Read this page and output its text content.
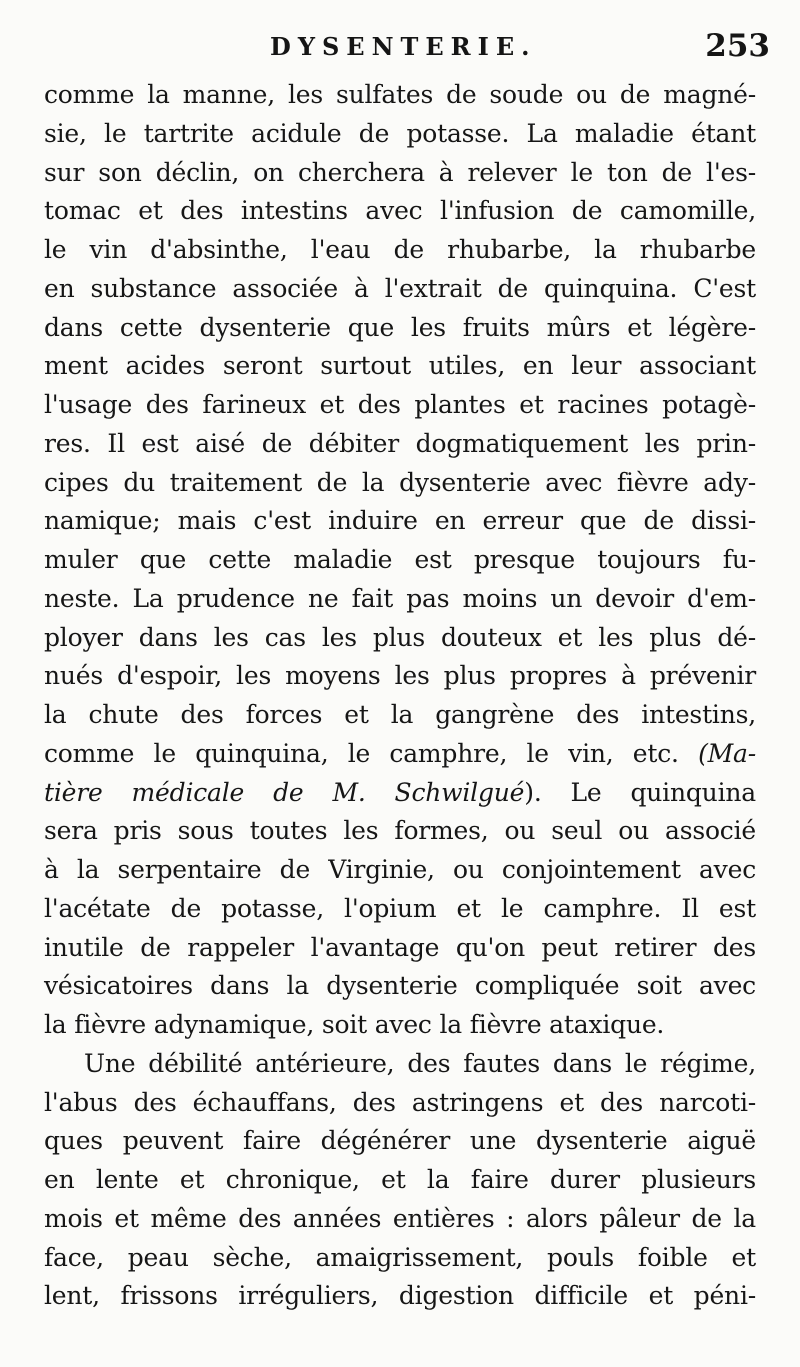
DYSENTERIE.	253
comme la manne, les sulfates de soude ou de magné-
sie, le tartrite acidule de potasse. La maladie étant
sur son déclin, on cherchera à relever le ton de l'es-
tomac et des intestins avec l'infusion de camomille,
le vin d'absinthe, l'eau de rhubarbe, la rhubarbe
en substance associée à l'extrait de quinquina. C'est
dans cette dysenterie que les fruits mûrs et légère-
ment acides seront surtout utiles, en leur associant
l'usage des farineux et des plantes et racines potagè-
res. Il est aisé de débiter dogmatiquement les prin-
cipes du traitement de la dysenterie avec fièvre ady-
namique; mais c'est induire en erreur que de dissi-
muler que cette maladie est presque toujours fu-
neste. La prudence ne fait pas moins un devoir d'em-
ployer dans les cas les plus douteux et les plus dé-
nués d'espoir, les moyens les plus propres à prévenir
la chute des forces et la gangrène des intestins,
comme le quinquina, le camphre, le vin, etc. (Ma-
tière médicale de M. Schwilgué). Le quinquina
sera pris sous toutes les formes, ou seul ou associé
à la serpentaire de Virginie, ou conjointement avec
l'acétate de potasse, l'opium et le camphre. Il est
inutile de rappeler l'avantage qu'on peut retirer des
vésicatoires dans la dysenterie compliquée soit avec
la fièvre adynamique, soit avec la fièvre ataxique.
Une débilité antérieure, des fautes dans le régime,
l'abus des échauffans, des astringens et des narcoti-
ques peuvent faire dégénérer une dysenterie aiguë
en lente et chronique, et la faire durer plusieurs
mois et même des années entières : alors pâleur de la
face, peau sèche, amaigrissement, pouls foible et
lent, frissons irréguliers, digestion difficile et péni-
